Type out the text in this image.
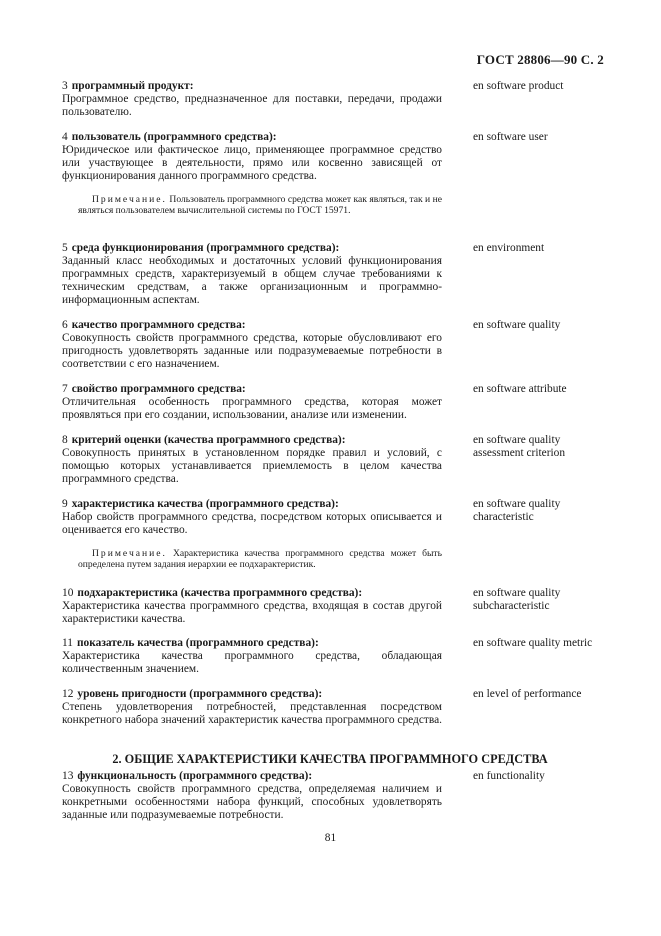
ГОСТ 28806—90 С. 2
3 программный продукт:
Программное средство, предназначенное для поставки, передачи, продажи пользователю.
en software product
4 пользователь (программного средства):
Юридическое или фактическое лицо, применяющее программное средство или участвующее в деятельности, прямо или косвенно зависящей от функционирования данного программного средства.
en software user
Примечание. Пользователь программного средства может как являться, так и не являться пользователем вычислительной системы по ГОСТ 15971.
5 среда функционирования (программного средства):
Заданный класс необходимых и достаточных условий функционирования программных средств, характеризуемый в общем случае требованиями к техническим средствам, а также организационным и программно-информационным аспектам.
en environment
6 качество программного средства:
Совокупность свойств программного средства, которые обусловливают его пригодность удовлетворять заданные или подразумеваемые потребности в соответствии с его назначением.
en software quality
7 свойство программного средства:
Отличительная особенность программного средства, которая может проявляться при его создании, использовании, анализе или изменении.
en software attribute
8 критерий оценки (качества программного средства):
Совокупность принятых в установленном порядке правил и условий, с помощью которых устанавливается приемлемость в целом качества программного средства.
en software quality assessment criterion
9 характеристика качества (программного средства):
Набор свойств программного средства, посредством которых описывается и оценивается его качество.
en software quality characteristic
Примечание. Характеристика качества программного средства может быть определена путем задания иерархии ее подхарактеристик.
10 подхарактеристика (качества программного средства):
Характеристика качества программного средства, входящая в состав другой характеристики качества.
en software quality subcharacteristic
11 показатель качества (программного средства):
Характеристика качества программного средства, обладающая количественным значением.
en software quality metric
12 уровень пригодности (программного средства):
Степень удовлетворения потребностей, представленная посредством конкретного набора значений характеристик качества программного средства.
en level of performance
2. ОБЩИЕ ХАРАКТЕРИСТИКИ КАЧЕСТВА ПРОГРАММНОГО СРЕДСТВА
13 функциональность (программного средства):
Совокупность свойств программного средства, определяемая наличием и конкретными особенностями набора функций, способных удовлетворять заданные или подразумеваемые потребности.
en functionality
81
